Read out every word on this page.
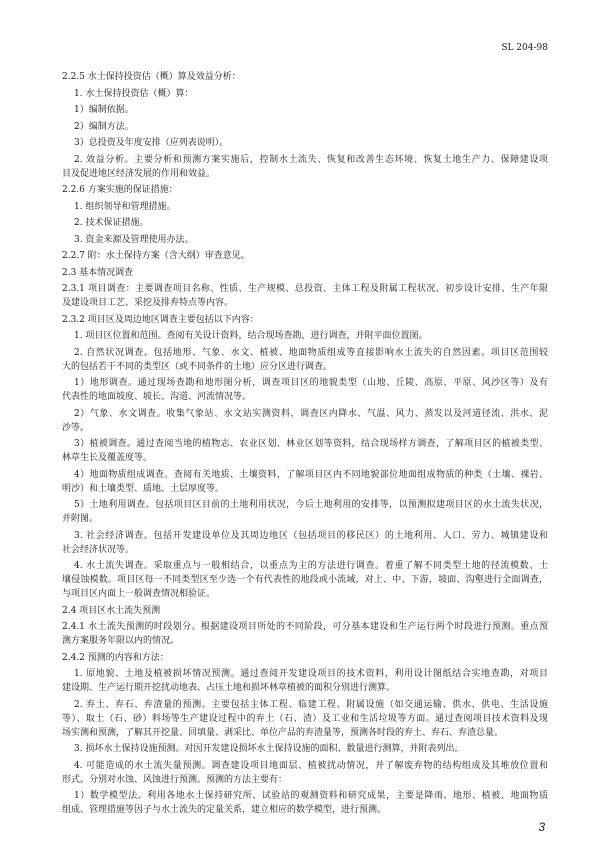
SL 204-98
2.2.5 水土保持投资估（概）算及效益分析：
1. 水土保持投资估（概）算：
1）编制依据。
2）编制方法。
3）总投资及年度安排（应列表说明）。
2. 效益分析。主要分析和预测方案实施后，控制水土流失、恢复和改善生态环境、恢复土地生产力、保障建设项
目及促进地区经济发展的作用和效益。
2.2.6 方案实施的保证措施：
1. 组织领导和管理措施。
2. 技术保证措施。
3. 资金来源及管理使用办法。
2.2.7 附：水土保持方案（含大纲）审查意见。
2.3 基本情况调查
2.3.1 项目调查：主要调查项目名称、性质、生产规模、总投资、主体工程及附属工程状况、初步设计安排、生产年限
及建设项目工艺、采挖及排弃特点等内容。
2.3.2 项目区及周边地区调查主要包括以下内容：
1. 项目区位置和范围。查阅有关设计资料，结合现场查勘，进行调查，并附平面位置图。
2. 自然状况调查。包括地形、气象、水文、植被、地面物质组成等直接影响水土流失的自然因素。项目区范围较
大的包括若干不同的类型区（或不同条件的土地）应分区进行调查。
1）地形调查。通过现场查勘和地形图分析，调查项目区的地貌类型（山地、丘陵、高原、平原、风沙区等）及有
代表性的地面坡度、坡长、沟道、河流情况等。
2）气象、水文调查。收集气象站、水文站实测资料，调查区内降水、气温、风力、蒸发以及河道径流、洪水、泥
沙等。
3）植被调查。通过查阅当地的植物志、农业区划、林业区划等资料，结合现场样方调查，了解项目区的植被类型、
林草生长及覆盖度等。
4）地面物质组成调查。查阅有关地质、土壤资料，了解项目区内不同地貌部位地面组成物质的种类（土壤、裸岩、
明沙）和土壤类型、质地、土层厚度等。
5）土地利用调查。包括项目区目前的土地利用状况，今后土地利用的安排等，以预测拟建项目区的水土流失状况，
并附图。
3. 社会经济调查。包括开发建设单位及其周边地区（包括项目的移民区）的土地利用、人口、劳力、城镇建设和
社会经济状况等。
4. 水土流失调查。采取重点与一般相结合，以重点为主的方法进行调查。着重了解不同类型土地的径流模数、土
壤侵蚀模数。项目区每一不同类型区至少选一个有代表性的地段或小流域，对上、中、下游，坡面、沟壑进行全面调查，
与项目区内面上一般调查情况相验证。
2.4 项目区水土流失预测
2.4.1 水土流失预测的时段划分。根据建设项目所处的不同阶段，可分基本建设和生产运行两个时段进行预测。重点预
测方案服务年限以内的情况。
2.4.2 预测的内容和方法：
1. 原地貌、土地及植被损坏情况预测。通过查阅开发建设项目的技术资料，利用设计图纸结合实地查勘，对项目
建设期、生产运行期开挖扰动地表、占压土地和损坏林草植被的面积分别进行测算。
2. 弃土、弃石、弃渣量的预测。主要包括主体工程、临建工程、附属设施（如交通运输、供水、供电、生活设施
等）、取土（石、砂）料场等生产建设过程中的弃土（石、渣）及工业和生活垃圾等方面。通过查阅项目技术资料及现
场实测和预测，了解其开挖量、回填量、剥采比、单位产品的弃渣量等，预测各时段的弃土、弃石、弃渣总量。
3. 损坏水土保持设施预测。对因开发建设损坏水土保持设施的面积、数量进行测算，并附表列出。
4. 可能造成的水土流失量预测。调查建设项目地面层、植被扰动情况，并了解废弃物的结构组成及其堆放位置和
形式。分别对水蚀、风蚀进行预测。预测的方法主要有：
1）数学模型法。利用各地水土保持研究所、试验站的观测资料和研究成果，主要是降雨、地形、植被、地面物质
组成、管理措施等因子与水土流失的定量关系，建立相应的数学模型，进行预测。
3
